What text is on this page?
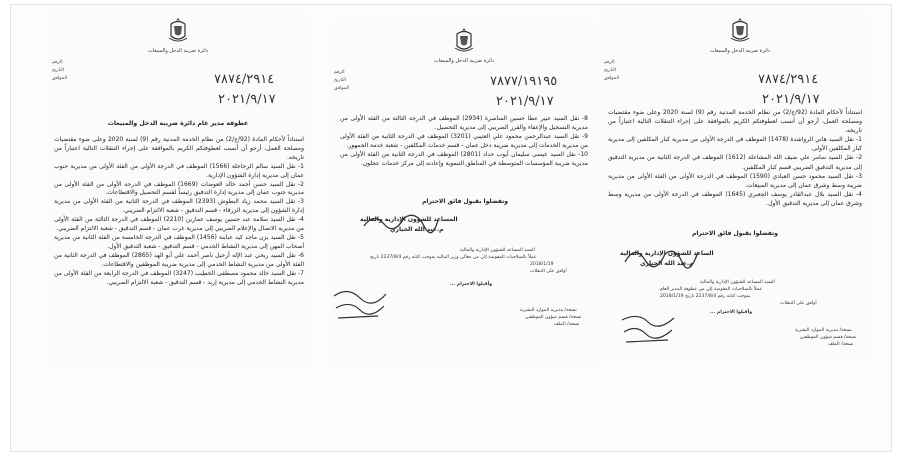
دائرة ضريبة الدخل والمبيعات
الرقم
التاريخ
الموافق	٧٨٧٤/٢٩١٤
٢٠٢١/٩/١٧

استناداً لأحكام المادة (92/ج/2) من نظام الخدمة المدنية رقم (9) لسنة 2020 وعلى ضوء مقتضيات ومصلحة العمل، أرجو أن أنسب لعطوفتكم الكريم بالموافقة على إجراء التنقلات التالية اعتباراً من تاريخه.

1- نقل السيد هاني الرواشدة (1478) الموظف في الدرجة الأولى من مديرية كبار المكلفين إلى مديرية كبار المكلفين الأولى.

2- نقل السيد سامر علي ضيف الله المشاعلة (1612) الموظف في الدرجة الثانية من مديرية التدقيق إلى مديرية التدقيق الضريبي قسم كبار المكلفين.

3- نقل السيد محمود حسن العبادي (1590) الموظف في الدرجة الأولى من الفئة الأولى من مديرية ضريبة وسط وشرق عمان إلى مديرية المبيعات.

4- نقل السيد بلال عبدالقادر يوسف الجعبري (1645) الموظف في الدرجة الأولى من مديرية وسط وشرق عمان إلى مديرية التدقيق الأول.

وتفضلوا بقبول فائق الاحترام
الساعد للشؤون الإدارية والمالية
م.عبد الله الحياري
السيد المساعد للشؤون الإدارية والمالية
عملاً بالصلاحيات المفوضة إلي من عطوفة المدير العام
بموجب كتابه رقم 2237/8/4 تاريخ 2018/1/19
أوافق على التنقلات
وأقبلوا الاحترام ...
نسخة/ مديرية الموارد البشرية
نسخة/ قسم شؤون الموظفين
نسخة/ الملف
دائرة ضريبة الدخل والمبيعات
الرقم
التاريخ
الموافق	٧٨٧٧/١٩١٩٥
٢٠٢١/٩/١٧

8- نقل السيد عبير عطا حسين المناصرة (2934) الموظف في الدرجة الثالثة من الفئة الأولى من مديرية التسجيل والإعفاء والفرز الضريبي إلى مديرية التحصيل.

9- نقل السيد عبدالرحمن محمود علي العتيبي (3201) الموظف في الدرجة الثانية من الفئة الأولى من مديرية الخدمات إلى مديرية ضريبة دخل عمان - قسم خدمات المكلفين - شعبة خدمة الجمهور.

10- نقل السيد عيسى سليمان أيوب حداد (2801) الموظف في الدرجة الثانية من الفئة الأولى من مديرية ضريبة المؤسسات المتوسطة في المناطق التنموية وإعادته إلى مركز خدمات عجلون.

وتفضلوا بقبول فائق الاحترام
المساعد للشؤون الإدارية والمالية
م.عبد الله الحياري
السيد المساعد للشؤون الإدارية والمالية
عملاً بالصلاحيات المفوضة إلي من معالي وزير المالية بموجب كتابه رقم 2237/8/4 تاريخ
2018/1/19
أوافق على التنقلات
وأقبلوا الاحترام ...
نسخة/ مديرية الموارد البشرية
نسخة/ قسم شؤون الموظفين
نسخة/ الملف
دائرة ضريبة الدخل والمبيعات
الرقم
التاريخ
الموافق	٧٨٧٤/٢٩١٤
٢٠٢١/٩/١٧
عطوفة مدير عام دائرة ضريبة الدخل والمبيعات

استناداً لأحكام المادة (92/ج/2) من نظام الخدمة المدنية رقم (9) لسنة 2020 وعلى ضوء مقتضيات ومصلحة العمل، أرجو أن أنسب لعطوفتكم الكريم بالموافقة على إجراء التنقلات التالية اعتباراً من تاريخه.

1- نقل السيد سالم الرحاحلة (1566) الموظف في الدرجة الأولى من الفئة الأولى من مديرية جنوب عمان إلى مديرية إدارة الشؤون الإدارية.

2- نقل السيد حسن أحمد خالد العوضات (1669) الموظف في الدرجة الأولى من الفئة الأولى من مديرية جنوب عمان إلى مديرية إدارة التدقيق رئيساً لقسم التحصيل والاقتطاعات.

3- نقل السيد محمد زياد البطوش (2393) الموظف في الدرجة الثانية من الفئة الأولى من مديرية إدارة الشؤون إلى مديرية الزرقاء - قسم التدقيق - شعبة الالتزام الضريبي.

4- نقل السيد سلامة عبد حسين يوسف عمارين (2210) الموظف في الدرجة الثالثة من الفئة الأولى من مديرية الاتصال والإعلام الضريبي إلى مديرية غرب عمان - قسم التدقيق - شعبة الالتزام الضريبي.

5- نقل السيد يزن ماجد كيد عبابنة (1456) الموظف في الدرجة الخامسة من الفئة الثانية من مديرية أصحاب المهن إلى مديرية النشاط الخدمي - قسم التدقيق - شعبة التدقيق الأول.

6- نقل السيد ربحي عبد الإله أرحيل ناصر أحمد علي أبو الهد (2865) الموظف في الدرجة الثانية من الفئة الأولى من مديرية النشاط الخدمي إلى مديرية ضريبة الموظفين والاقتطاعات.

7- نقل السيد خالد محمود مصطفى الخطيب (3247) الموظف في الدرجة الرابعة من الفئة الأولى من مديرية النشاط الخدمي إلى مديرية إربد - قسم التدقيق - شعبة الالتزام الضريبي.
